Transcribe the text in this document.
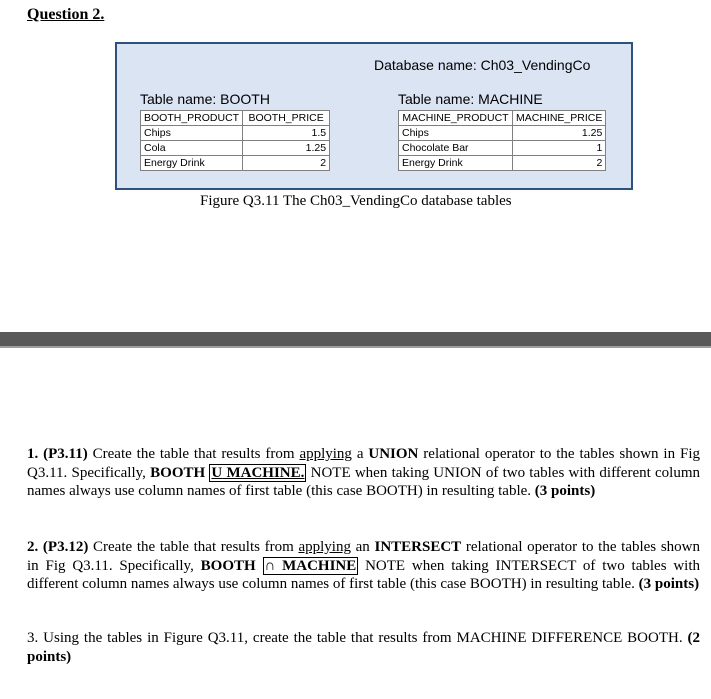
Question 2.
Database name: Ch03_VendingCo
Table name: BOOTH	Table name: MACHINE
BOOTH_PRODUCT	BOOTH_PRICE
Chips	1.5
Cola	1.25
Energy Drink	2
MACHINE_PRODUCT	MACHINE_PRICE
Chips	1.25
Chocolate Bar	1
Energy Drink	2
Figure Q3.11 The Ch03_VendingCo database tables
1. (P3.11) Create the table that results from applying a UNION relational operator to the tables shown in Fig Q3.11. Specifically, BOOTH U MACHINE. NOTE when taking UNION of two tables with different column names always use column names of first table (this case BOOTH) in resulting table. (3 points)
2. (P3.12) Create the table that results from applying an INTERSECT relational operator to the tables shown in Fig Q3.11. Specifically, BOOTH ∩ MACHINE NOTE when taking INTERSECT of two tables with different column names always use column names of first table (this case BOOTH) in resulting table. (3 points)
3. Using the tables in Figure Q3.11, create the table that results from MACHINE DIFFERENCE BOOTH. (2 points)
